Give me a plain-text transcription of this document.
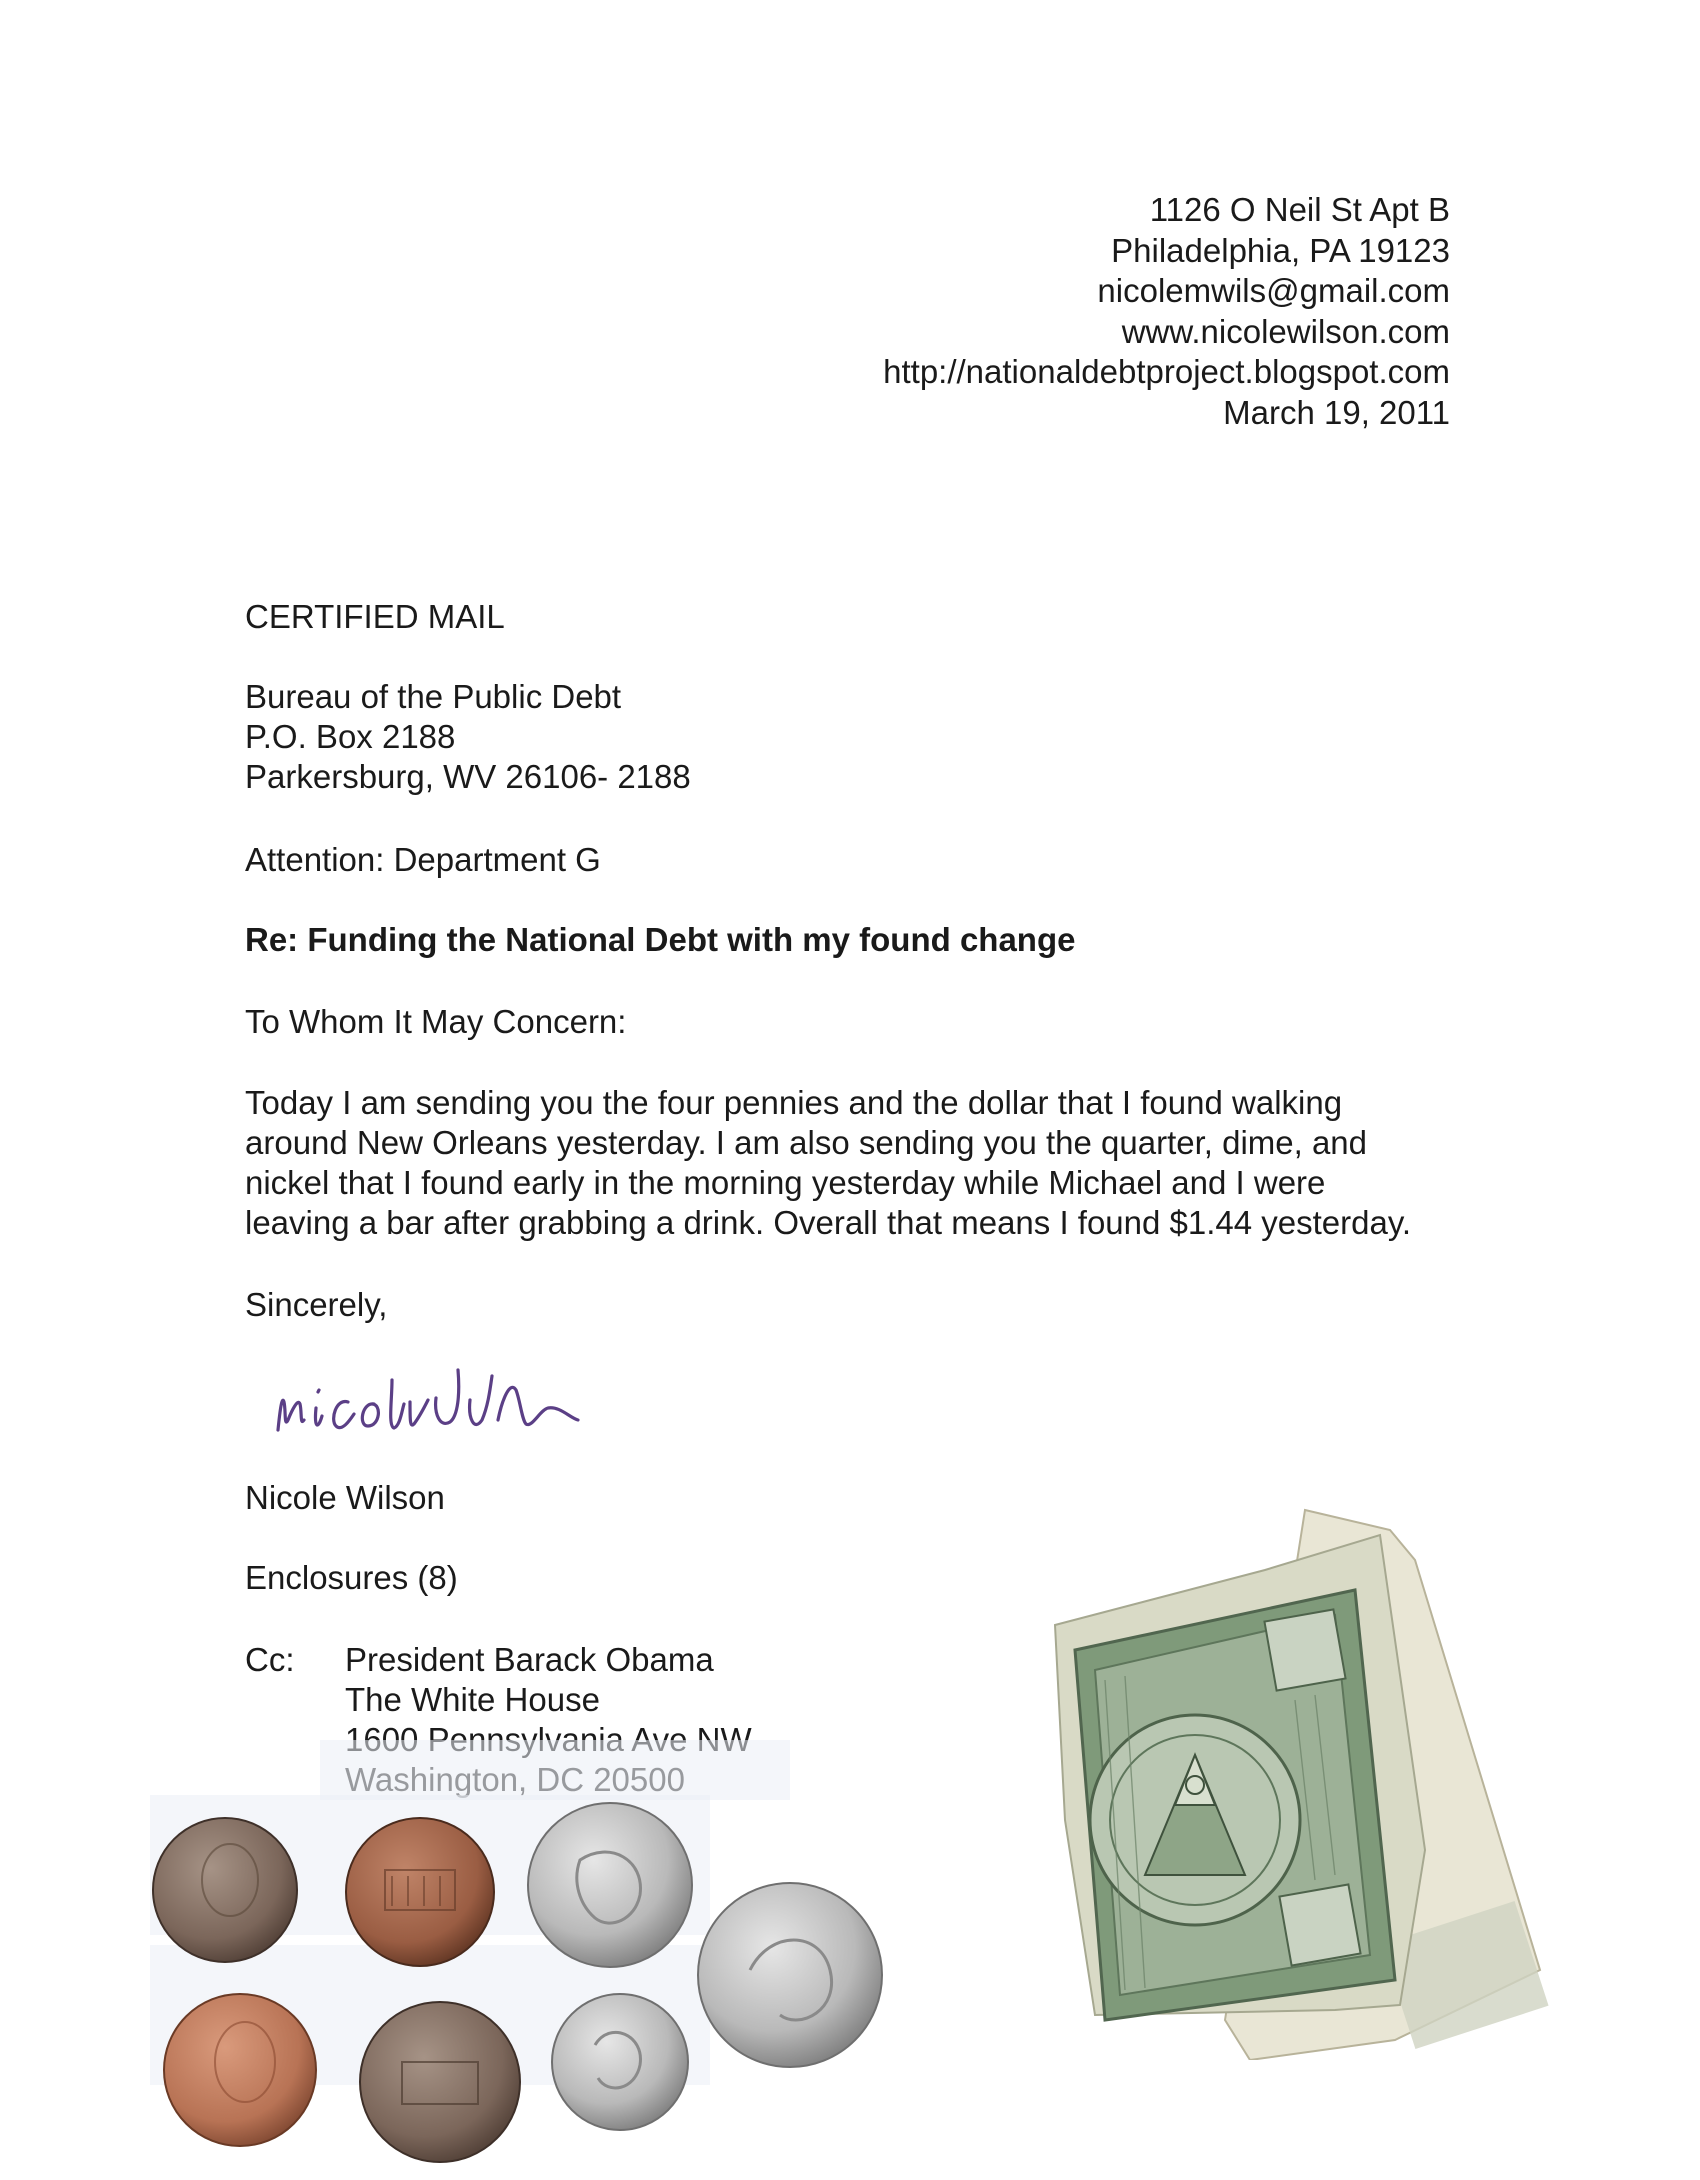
1126 O Neil St Apt B
Philadelphia, PA 19123
nicolemwils@gmail.com
www.nicolewilson.com
http://nationaldebtproject.blogspot.com
March 19, 2011
CERTIFIED MAIL
Bureau of the Public Debt
P.O. Box 2188
Parkersburg, WV 26106- 2188
Attention: Department G
Re: Funding the National Debt with my found change
To Whom It May Concern:
Today I am sending you the four pennies and the dollar that I found walking
around New Orleans yesterday. I am also sending you the quarter, dime, and
nickel that I found early in the morning yesterday while Michael and I were
leaving a bar after grabbing a drink. Overall that means I found $1.44 yesterday.
Sincerely,
Nicole Wilson
Enclosures (8)
Cc: President Barack Obama
The White House
